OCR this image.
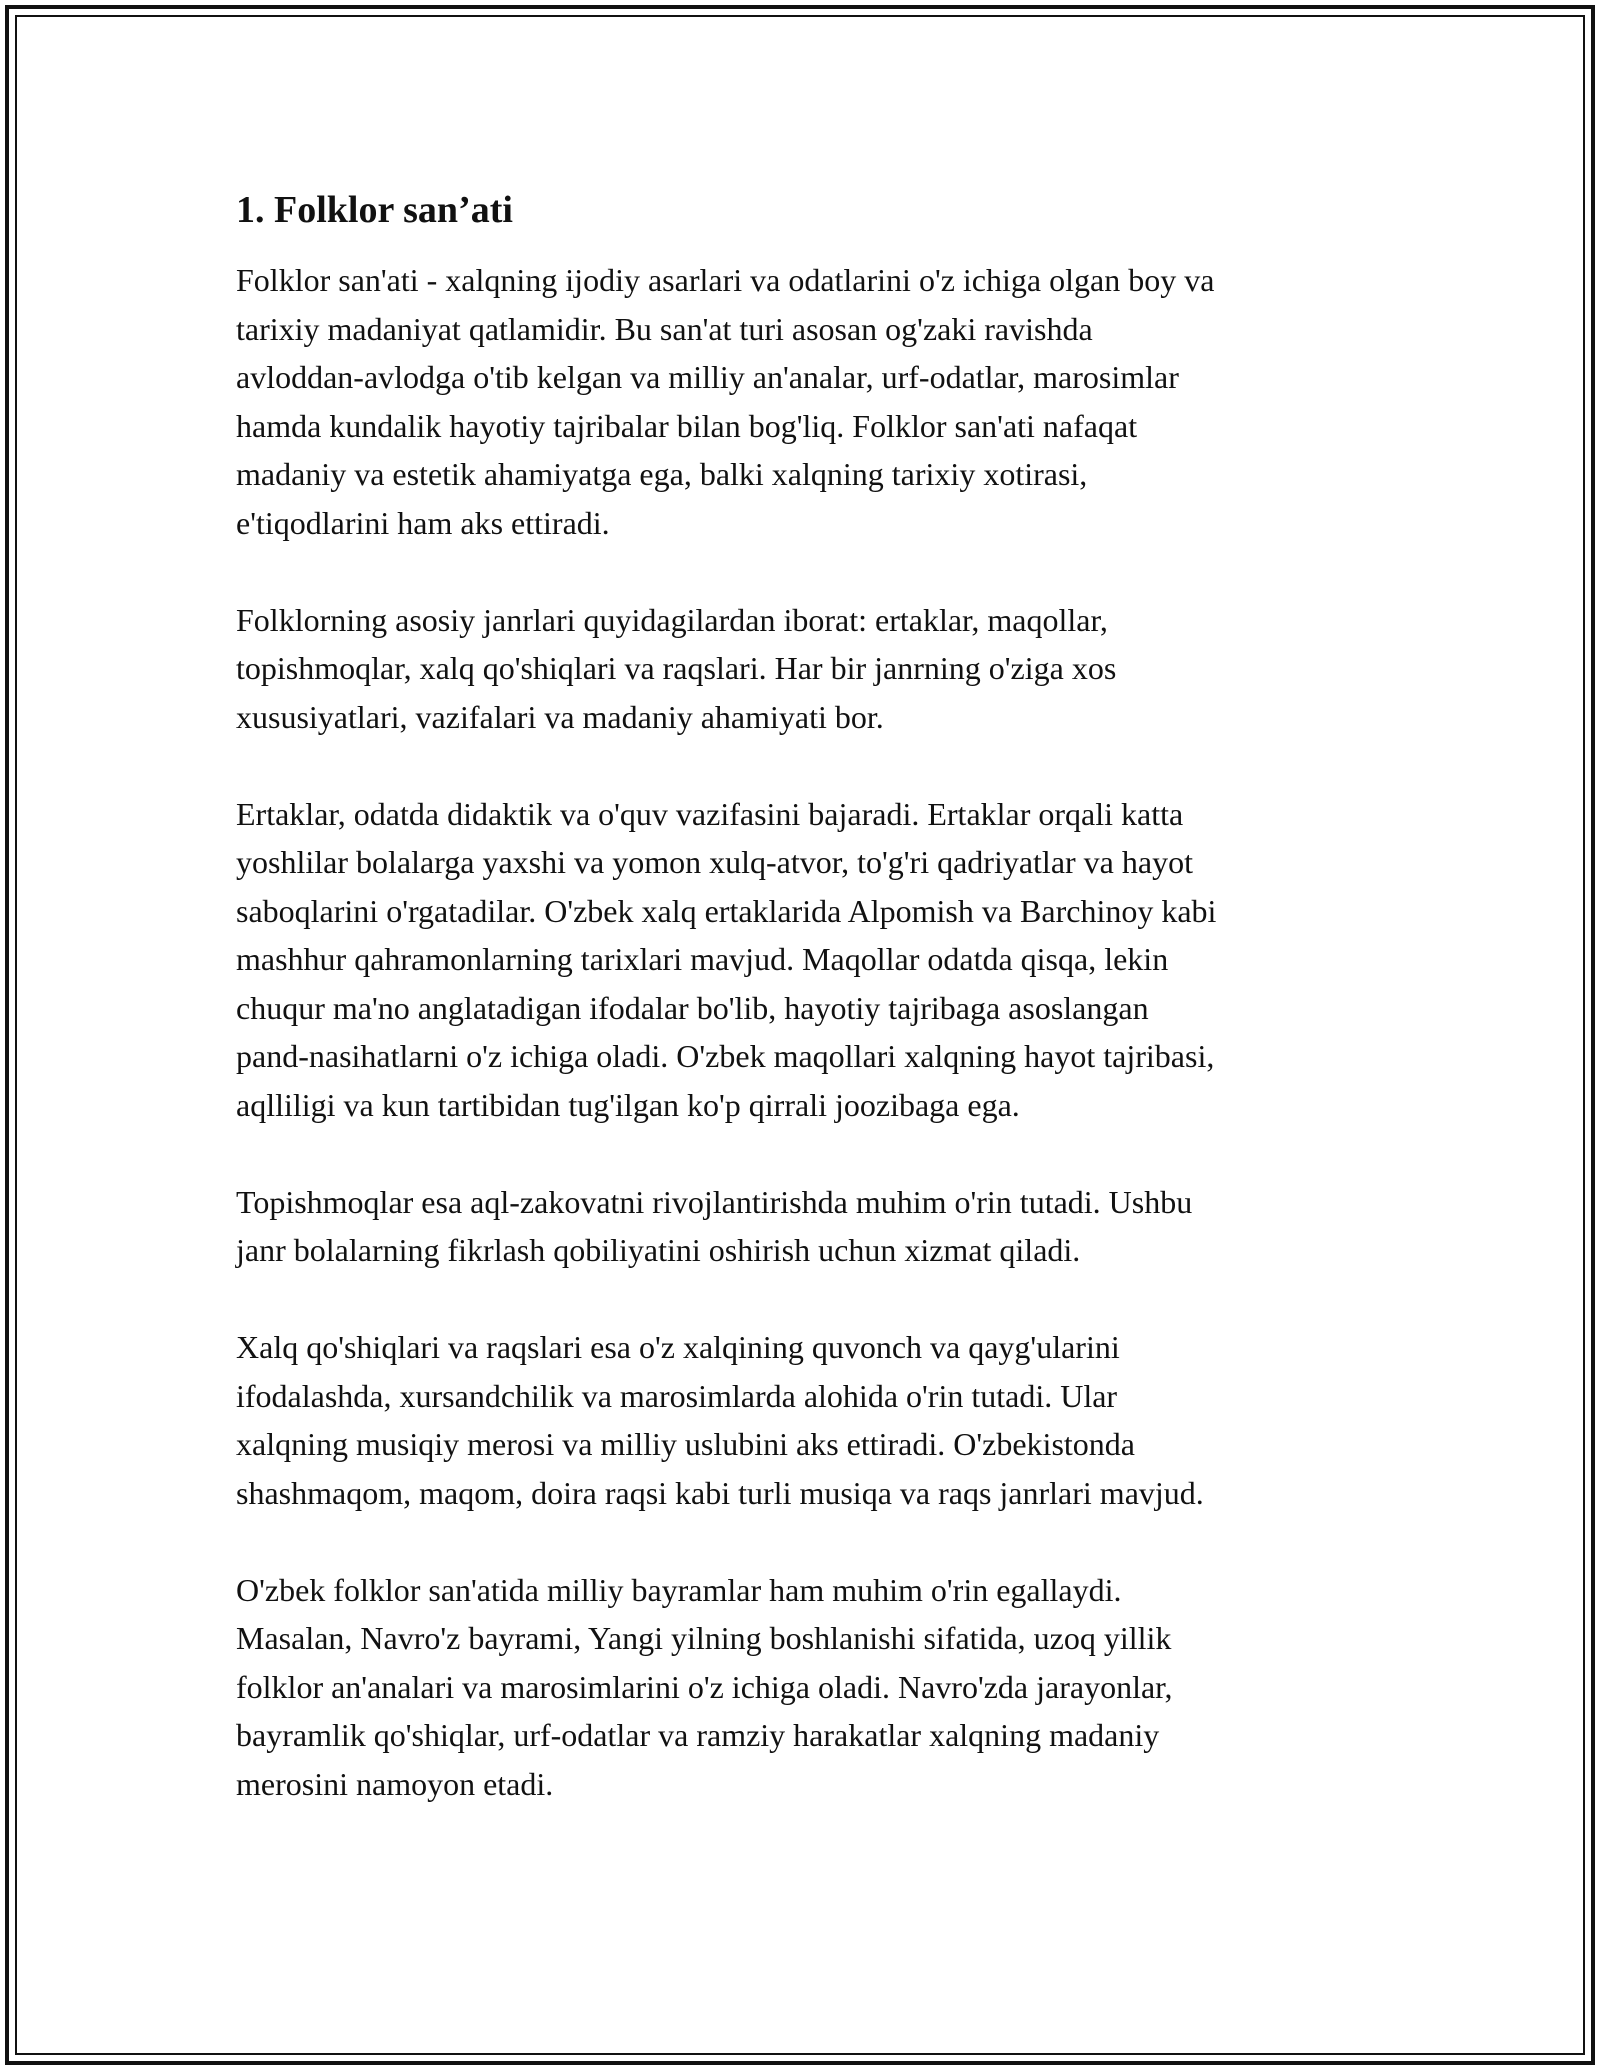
1. Folklor san’ati

Folklor san'ati - xalqning ijodiy asarlari va odatlarini o'z ichiga olgan boy va
tarixiy madaniyat qatlamidir. Bu san'at turi asosan og'zaki ravishda
avloddan-avlodga o'tib kelgan va milliy an'analar, urf-odatlar, marosimlar
hamda kundalik hayotiy tajribalar bilan bog'liq. Folklor san'ati nafaqat
madaniy va estetik ahamiyatga ega, balki xalqning tarixiy xotirasi,
e'tiqodlarini ham aks ettiradi.

Folklorning asosiy janrlari quyidagilardan iborat: ertaklar, maqollar,
topishmoqlar, xalq qo'shiqlari va raqslari. Har bir janrning o'ziga xos
xususiyatlari, vazifalari va madaniy ahamiyati bor.

Ertaklar, odatda didaktik va o'quv vazifasini bajaradi. Ertaklar orqali katta
yoshlilar bolalarga yaxshi va yomon xulq-atvor, to'g'ri qadriyatlar va hayot
saboqlarini o'rgatadilar. O'zbek xalq ertaklarida Alpomish va Barchinoy kabi
mashhur qahramonlarning tarixlari mavjud. Maqollar odatda qisqa, lekin
chuqur ma'no anglatadigan ifodalar bo'lib, hayotiy tajribaga asoslangan
pand-nasihatlarni o'z ichiga oladi. O'zbek maqollari xalqning hayot tajribasi,
aqlliligi va kun tartibidan tug'ilgan ko'p qirrali joozibaga ega.

Topishmoqlar esa aql-zakovatni rivojlantirishda muhim o'rin tutadi. Ushbu
janr bolalarning fikrlash qobiliyatini oshirish uchun xizmat qiladi.

Xalq qo'shiqlari va raqslari esa o'z xalqining quvonch va qayg'ularini
ifodalashda, xursandchilik va marosimlarda alohida o'rin tutadi. Ular
xalqning musiqiy merosi va milliy uslubini aks ettiradi. O'zbekistonda
shashmaqom, maqom, doira raqsi kabi turli musiqa va raqs janrlari mavjud.

O'zbek folklor san'atida milliy bayramlar ham muhim o'rin egallaydi.
Masalan, Navro'z bayrami, Yangi yilning boshlanishi sifatida, uzoq yillik
folklor an'analari va marosimlarini o'z ichiga oladi. Navro'zda jarayonlar,
bayramlik qo'shiqlar, urf-odatlar va ramziy harakatlar xalqning madaniy
merosini namoyon etadi.
